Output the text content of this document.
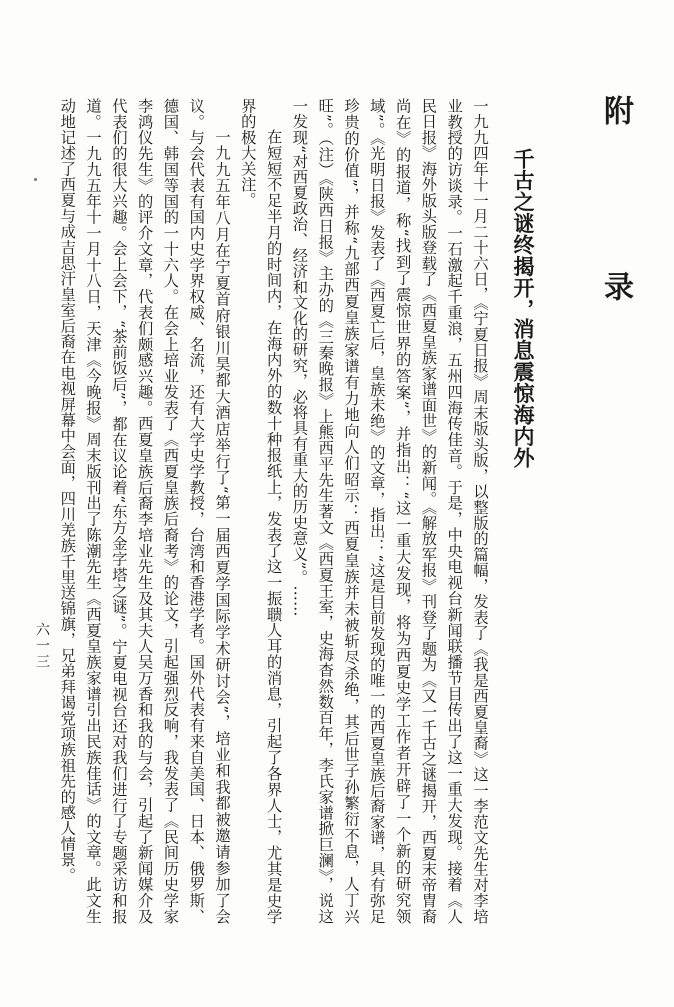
附　录
千古之谜终揭开，
消息震惊海内外

一九九四年十一月二十六日，《宁夏日报》周末版头版，以整版的篇幅，发表了《我是西夏皇裔》这一李范文先生对李培业教授的访谈录。一石激起千重浪，五州四海传佳音。于是，中央电视台新闻联播节目传出了这一重大发现。接着《人民日报》海外版头版登载了《西夏皇族家谱面世》的新闻。《解放军报》刊登了题为《又一千古之谜揭开，西夏末帝胄裔尚在》的报道，称“找到了震惊世界的答案”，并指出：“这一重大发现，将为西夏史学工作者开辟了一个新的研究领域”。《光明日报》发表了《西夏亡后，皇族未绝》的文章，指出：“这是目前发现的唯一的西夏皇族后裔家谱，具有弥足珍贵的价值”，并称“九部西夏皇族家谱有力地向人们昭示：西夏皇族并未被斩尽杀绝，其后世子孙繁衍不息，人丁兴旺”。（注）《陕西日报》主办的《三秦晚报》上熊西平先生著文《西夏王室，史海杳然数百年，李氏家谱掀巨澜》，说这一发现“对西夏政治、经济和文化的研究，必将具有重大的历史意义”。……

在短短不足半月的时间内，在海内外的数十种报纸上，发表了这一振聩人耳的消息，引起了各界人士，尤其是史学界的极大关注。

一九九五年八月在宁夏首府银川昊都大酒店举行了“第一届西夏学国际学术研讨会”，培业和我都被邀请参加了会议。与会代表有国内史学界权威、名流，还有大学史学教授，台湾和香港学者。国外代表有来自美国、日本、俄罗斯、德国、韩国等国的一十六人。在会上培业发表了《西夏皇族后裔考》的论文，引起强烈反响，我发表了《民间历史学家李鸿仪先生》的评介文章，代表们颇感兴趣。西夏皇族后裔李培业先生及其夫人吴万香和我的与会，引起了新闻媒介及代表们的很大兴趣。会上会下，“茶前饭后”，都在议论着“东方金字塔之谜”。宁夏电视台还对我们进行了专题采访和报道。一九九五年十一月十八日，天津《今晚报》周末版刊出了陈潮先生《西夏皇族家谱引出民族佳话》的文章。此文生动地记述了西夏与成吉思汗皇室后裔在电视屏幕中会面，四川羌族千里送锦旗，兄弟拜谒党项族祖先的感人情景。

六一三
